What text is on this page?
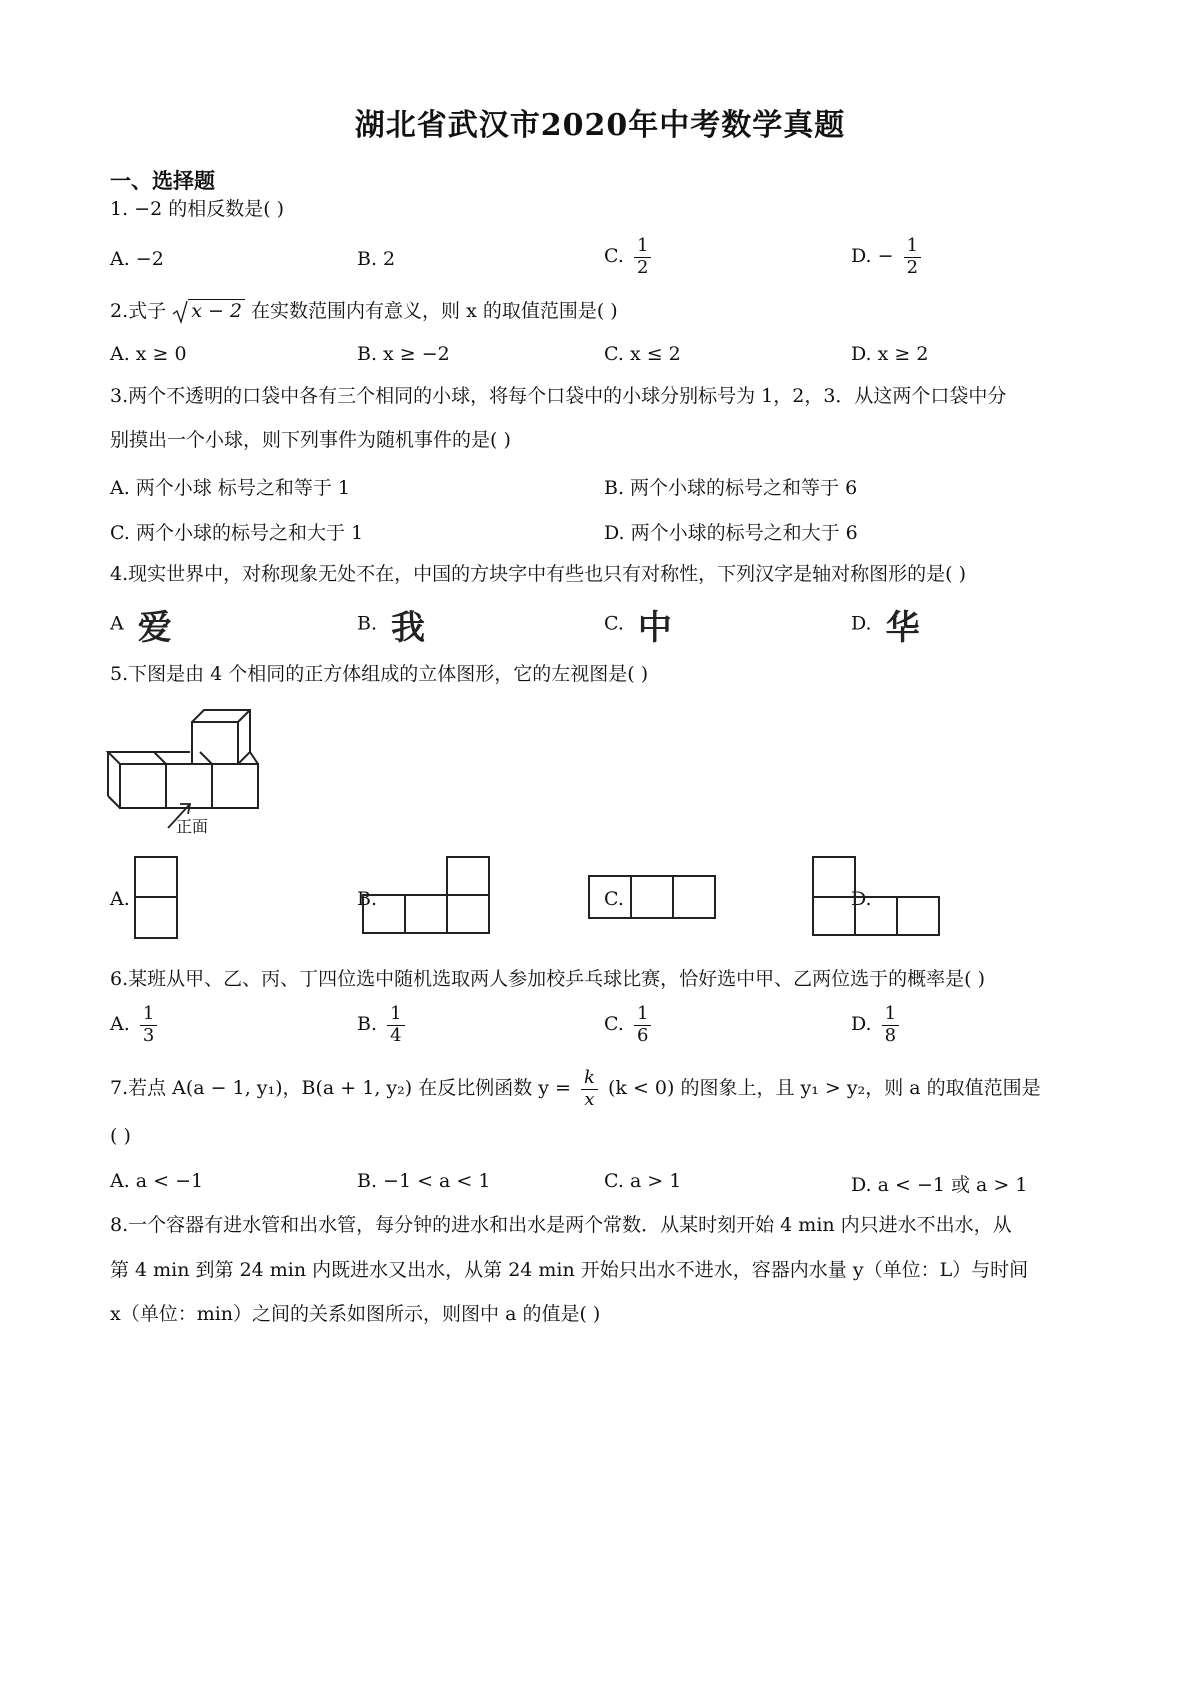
湖北省武汉市2020年中考数学真题
一、选择题
1. −2 的相反数是( )
A. −2	B. 2	C. $\frac{1}{2}$	D. − $\frac{1}{2}$
2.式子 x − 2 在实数范围内有意义，则 x 的取值范围是( )
A. x ≥ 0	B. x ≥ −2	C. x ≤ 2	D. x ≥ 2
3.两个不透明的口袋中各有三个相同的小球，将每个口袋中的小球分别标号为 1，2，3．从这两个口袋中分
别摸出一个小球，则下列事件为随机事件的是( )
A. 两个小球 标号之和等于 1	B. 两个小球的标号之和等于 6
C. 两个小球的标号之和大于 1	D. 两个小球的标号之和大于 6
4.现实世界中，对称现象无处不在，中国的方块字中有些也只有对称性，下列汉字是轴对称图形的是( )
A 爱	B. 我	C. 中	D. 华
5.下图是由 4 个相同的正方体组成的立体图形，它的左视图是( )
正面
A.	B.	C.	D.
6.某班从甲、乙、丙、丁四位选中随机选取两人参加校乒乓球比赛，恰好选中甲、乙两位选于的概率是( )
A. $\frac{1}{3}$	B. $\frac{1}{4}$	C. $\frac{1}{6}$	D. $\frac{1}{8}$
7.若点 A(a − 1, y₁)，B(a + 1, y₂) 在反比例函数 $y = \frac{k}{x} (k < 0)$ 的图象上，且 y₁ > y₂，则 a 的取值范围是
( )
A. a < −1	B. −1 < a < 1	C. a > 1	D. a < −1 或 a > 1
8.一个容器有进水管和出水管，每分钟的进水和出水是两个常数．从某时刻开始 4 min 内只进水不出水，从
第 4 min 到第 24 min 内既进水又出水，从第 24 min 开始只出水不进水，容器内水量 y（单位：L）与时间
x（单位：min）之间的关系如图所示，则图中 a 的值是( )
